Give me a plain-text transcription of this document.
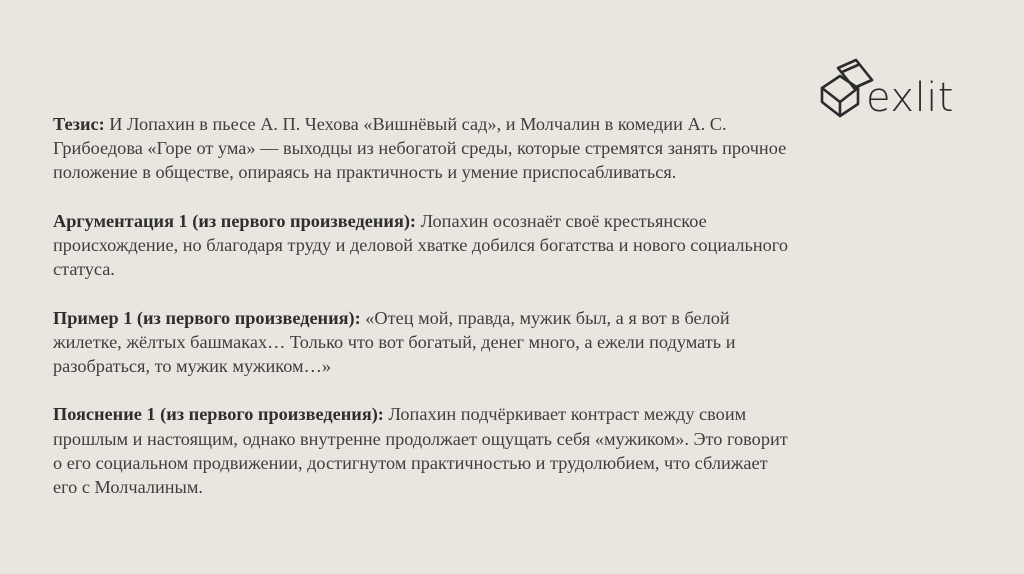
exlit

Тезис: И Лопахин в пьесе А. П. Чехова «Вишнёвый сад», и Молчалин в комедии А. С. Грибоедова «Горе от ума» — выходцы из небогатой среды, которые стремятся занять прочное положение в обществе, опираясь на практичность и умение приспосабливаться.

Аргументация 1 (из первого произведения): Лопахин осознаёт своё крестьянское происхождение, но благодаря труду и деловой хватке добился богатства и нового социального статуса.

Пример 1 (из первого произведения): «Отец мой, правда, мужик был, а я вот в белой жилетке, жёлтых башмаках… Только что вот богатый, денег много, а ежели подумать и разобраться, то мужик мужиком…»

Пояснение 1 (из первого произведения): Лопахин подчёркивает контраст между своим прошлым и настоящим, однако внутренне продолжает ощущать себя «мужиком». Это говорит о его социальном продвижении, достигнутом практичностью и трудолюбием, что сближает его с Молчалиным.
